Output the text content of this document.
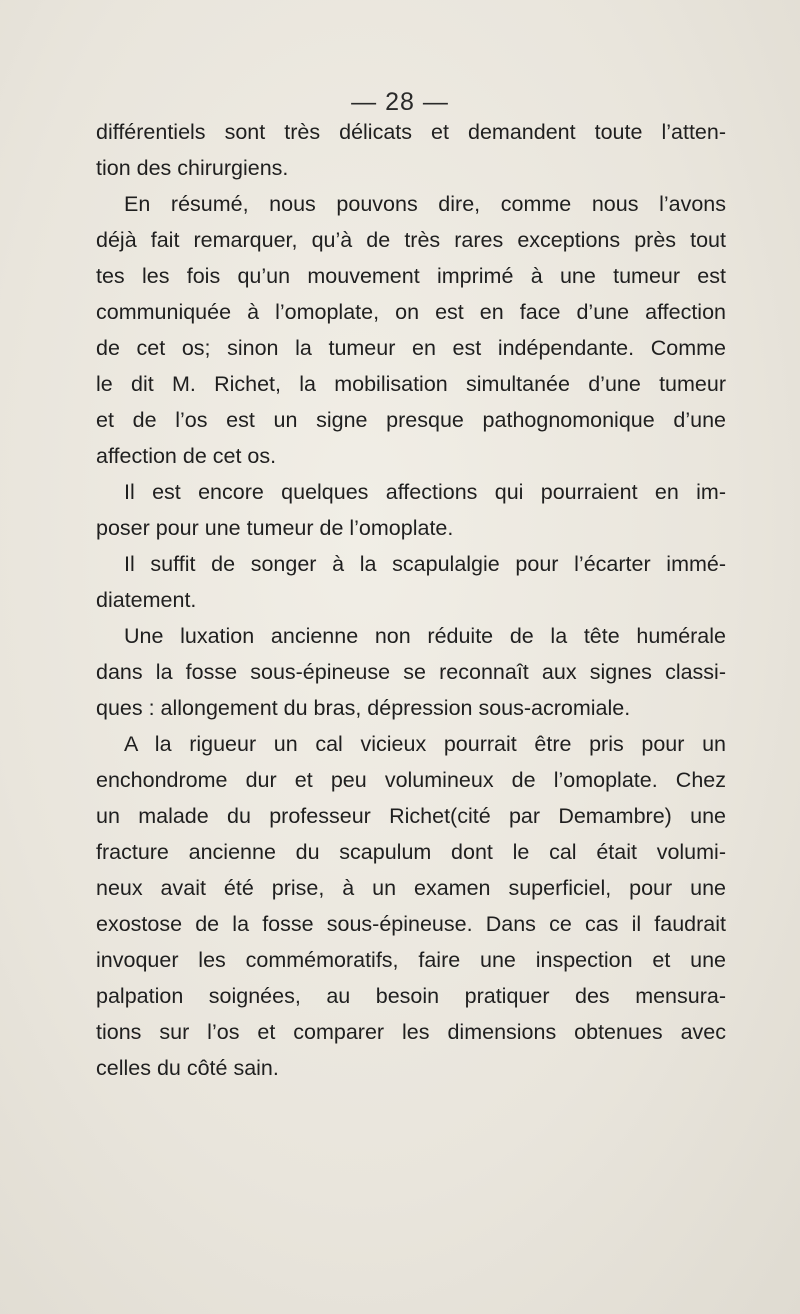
— 28 —
différentiels sont très délicats et demandent toute l’atten-
tion des chirurgiens.
En résumé, nous pouvons dire, comme nous l’avons
déjà fait remarquer, qu’à de très rares exceptions près tout
tes les fois qu’un mouvement imprimé à une tumeur est
communiquée à l’omoplate, on est en face d’une affection
de cet os; sinon la tumeur en est indépendante. Comme
le dit M. Richet, la mobilisation simultanée d’une tumeur
et de l’os est un signe presque pathognomonique d’une
affection de cet os.
Il est encore quelques affections qui pourraient en im-
poser pour une tumeur de l’omoplate.
Il suffit de songer à la scapulalgie pour l’écarter immé-
diatement.
Une luxation ancienne non réduite de la tête humérale
dans la fosse sous-épineuse se reconnaît aux signes classi-
ques : allongement du bras, dépression sous-acromiale.
A la rigueur un cal vicieux pourrait être pris pour un
enchondrome dur et peu volumineux de l’omoplate. Chez
un malade du professeur Richet(cité par Demambre) une
fracture ancienne du scapulum dont le cal était volumi-
neux avait été prise, à un examen superficiel, pour une
exostose de la fosse sous-épineuse. Dans ce cas il faudrait
invoquer les commémoratifs, faire une inspection et une
palpation soignées, au besoin pratiquer des mensura-
tions sur l’os et comparer les dimensions obtenues avec
celles du côté sain.
